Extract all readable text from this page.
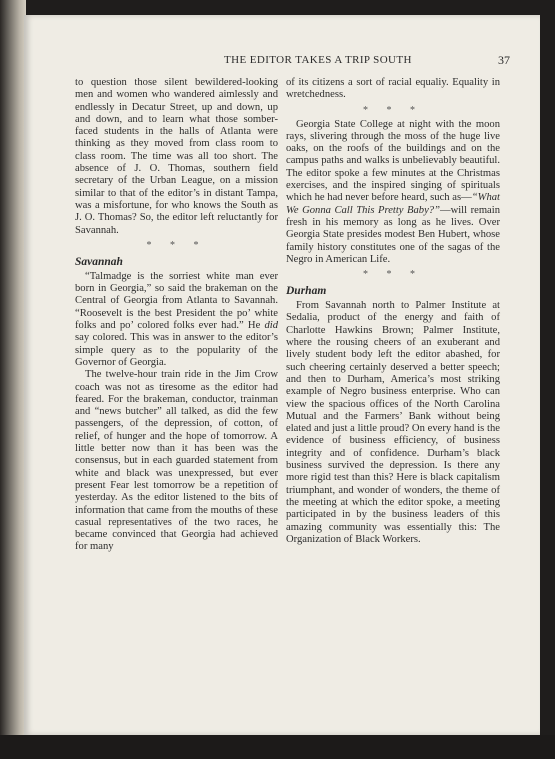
THE EDITOR TAKES A TRIP SOUTH	37

to question those silent bewildered-looking men and women who wandered aimlessly and endlessly in Decatur Street, up and down, up and down, and to learn what those somber-faced students in the halls of Atlanta were thinking as they moved from class room to class room. The time was all too short. The absence of J. O. Thomas, southern field secretary of the Urban League, on a mission similar to that of the editor’s in distant Tampa, was a misfortune, for who knows the South as J. O. Thomas? So, the editor left reluctantly for Savannah.

* * *
Savannah

“Talmadge is the sorriest white man ever born in Georgia,” so said the brakeman on the Central of Georgia from Atlanta to Savannah. “Roosevelt is the best President the po’ white folks and po’ colored folks ever had.” He did say colored. This was in answer to the editor’s simple query as to the popularity of the Governor of Georgia.

The twelve-hour train ride in the Jim Crow coach was not as tiresome as the editor had feared. For the brakeman, conductor, trainman and “news butcher” all talked, as did the few passengers, of the depression, of cotton, of relief, of hunger and the hope of tomorrow. A little better now than it has been was the consensus, but in each guarded statement from white and black was unexpressed, but ever present Fear lest tomorrow be a repetition of yesterday. As the editor listened to the bits of information that came from the mouths of these casual representatives of the two races, he became convinced that Georgia had achieved for many

of its citizens a sort of racial equaliy. Equality in wretchedness.

* * *

Georgia State College at night with the moon rays, slivering through the moss of the huge live oaks, on the roofs of the buildings and on the campus paths and walks is unbelievably beautiful. The editor spoke a few minutes at the Christmas exercises, and the inspired singing of spirituals which he had never before heard, such as—“What We Gonna Call This Pretty Baby?”—will remain fresh in his memory as long as he lives. Over Georgia State presides modest Ben Hubert, whose family history constitutes one of the sagas of the Negro in American Life.

* * *
Durham

From Savannah north to Palmer Institute at Sedalia, product of the energy and faith of Charlotte Hawkins Brown; Palmer Institute, where the rousing cheers of an exuberant and lively student body left the editor abashed, for such cheering certainly deserved a better speech; and then to Durham, America’s most striking example of Negro business enterprise. Who can view the spacious offices of the North Carolina Mutual and the Farmers’ Bank without being elated and just a little proud? On every hand is the evidence of business efficiency, of business integrity and of confidence. Durham’s black business survived the depression. Is there any more rigid test than this? Here is black capitalism triumphant, and wonder of wonders, the theme of the meeting at which the editor spoke, a meeting participated in by the business leaders of this amazing community was essentially this: The Organization of Black Workers.
